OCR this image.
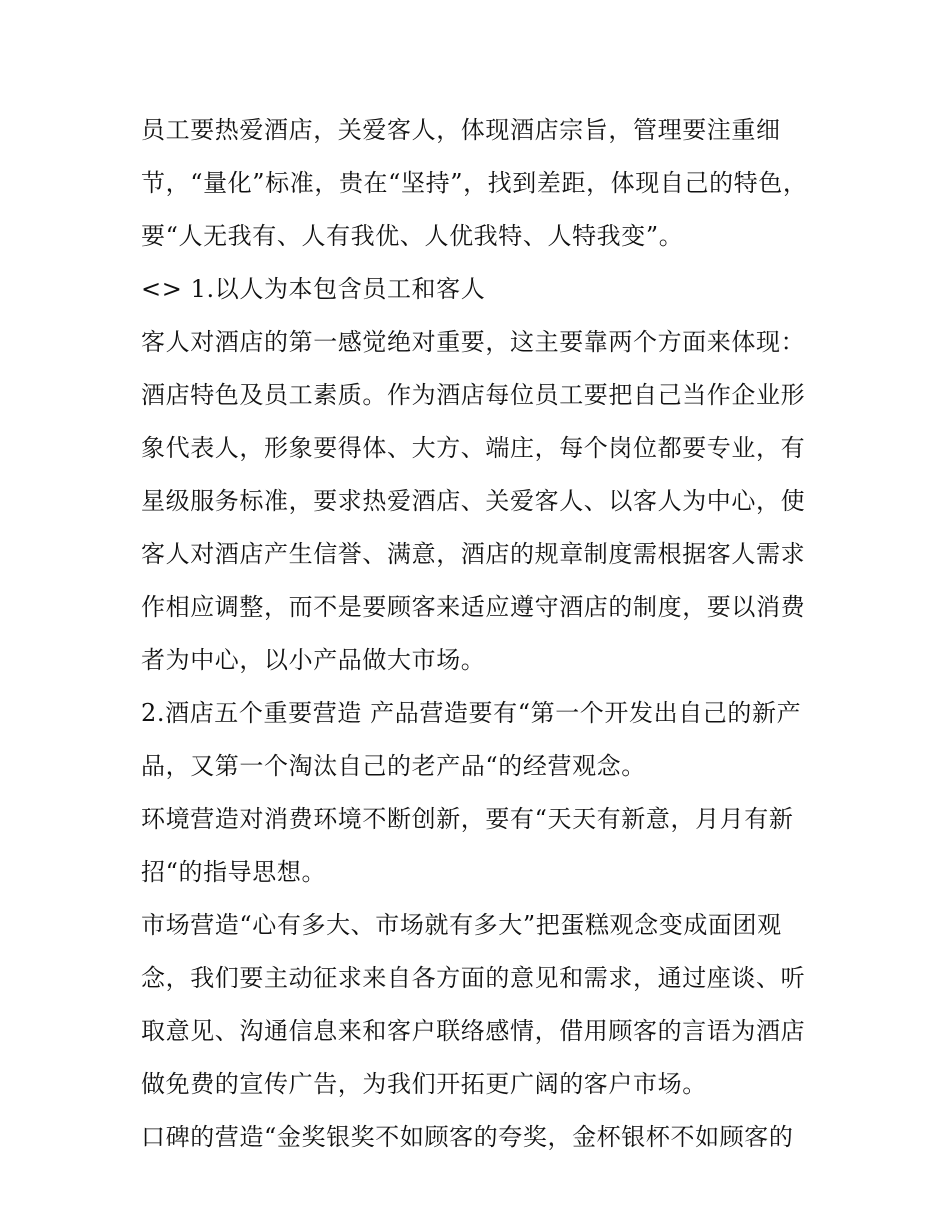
员工要热爱酒店，关爱客人，体现酒店宗旨，管理要注重细
节，“量化”标准，贵在“坚持”，找到差距，体现自己的特色，
要“人无我有、人有我优、人优我特、人特我变”。
<> 1.以人为本包含员工和客人
客人对酒店的第一感觉绝对重要，这主要靠两个方面来体现：
酒店特色及员工素质。作为酒店每位员工要把自己当作企业形
象代表人，形象要得体、大方、端庄，每个岗位都要专业，有
星级服务标准，要求热爱酒店、关爱客人、以客人为中心，使
客人对酒店产生信誉、满意，酒店的规章制度需根据客人需求
作相应调整，而不是要顾客来适应遵守酒店的制度，要以消费
者为中心，以小产品做大市场。
2.酒店五个重要营造 产品营造要有“第一个开发出自己的新产
品，又第一个淘汰自己的老产品“的经营观念。
环境营造对消费环境不断创新，要有“天天有新意，月月有新
招“的指导思想。
市场营造“心有多大、市场就有多大”把蛋糕观念变成面团观
念，我们要主动征求来自各方面的意见和需求，通过座谈、听
取意见、沟通信息来和客户联络感情，借用顾客的言语为酒店
做免费的宣传广告，为我们开拓更广阔的客户市场。
口碑的营造“金奖银奖不如顾客的夸奖，金杯银杯不如顾客的
